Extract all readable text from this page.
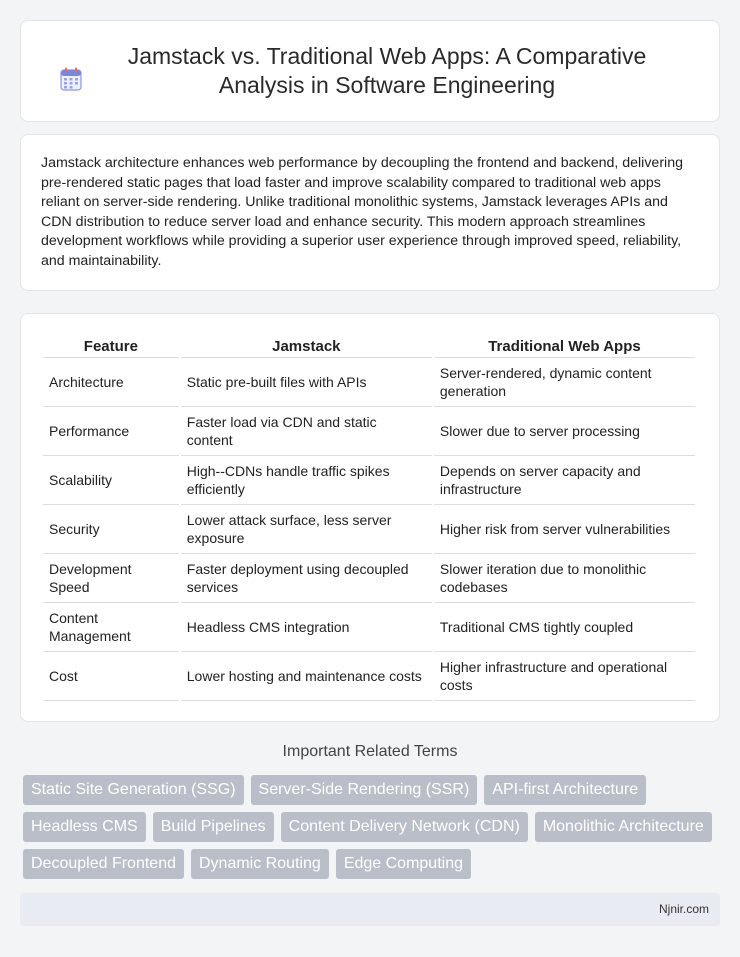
Jamstack vs. Traditional Web Apps: A Comparative Analysis in Software Engineering

Jamstack architecture enhances web performance by decoupling the frontend and backend, delivering pre-rendered static pages that load faster and improve scalability compared to traditional web apps reliant on server-side rendering. Unlike traditional monolithic systems, Jamstack leverages APIs and CDN distribution to reduce server load and enhance security. This modern approach streamlines development workflows while providing a superior user experience through improved speed, reliability, and maintainability.

Feature	Jamstack	Traditional Web Apps
Architecture	Static pre-built files with APIs	Server-rendered, dynamic content generation
Performance	Faster load via CDN and static content	Slower due to server processing
Scalability	High--CDNs handle traffic spikes efficiently	Depends on server capacity and infrastructure
Security	Lower attack surface, less server exposure	Higher risk from server vulnerabilities
Development Speed	Faster deployment using decoupled services	Slower iteration due to monolithic codebases
Content Management	Headless CMS integration	Traditional CMS tightly coupled
Cost	Lower hosting and maintenance costs	Higher infrastructure and operational costs
Important Related Terms
Static Site Generation (SSG)	Server-Side Rendering (SSR)	API-first Architecture
Headless CMS	Build Pipelines	Content Delivery Network (CDN)	Monolithic Architecture
Decoupled Frontend	Dynamic Routing	Edge Computing
Njnir.com
